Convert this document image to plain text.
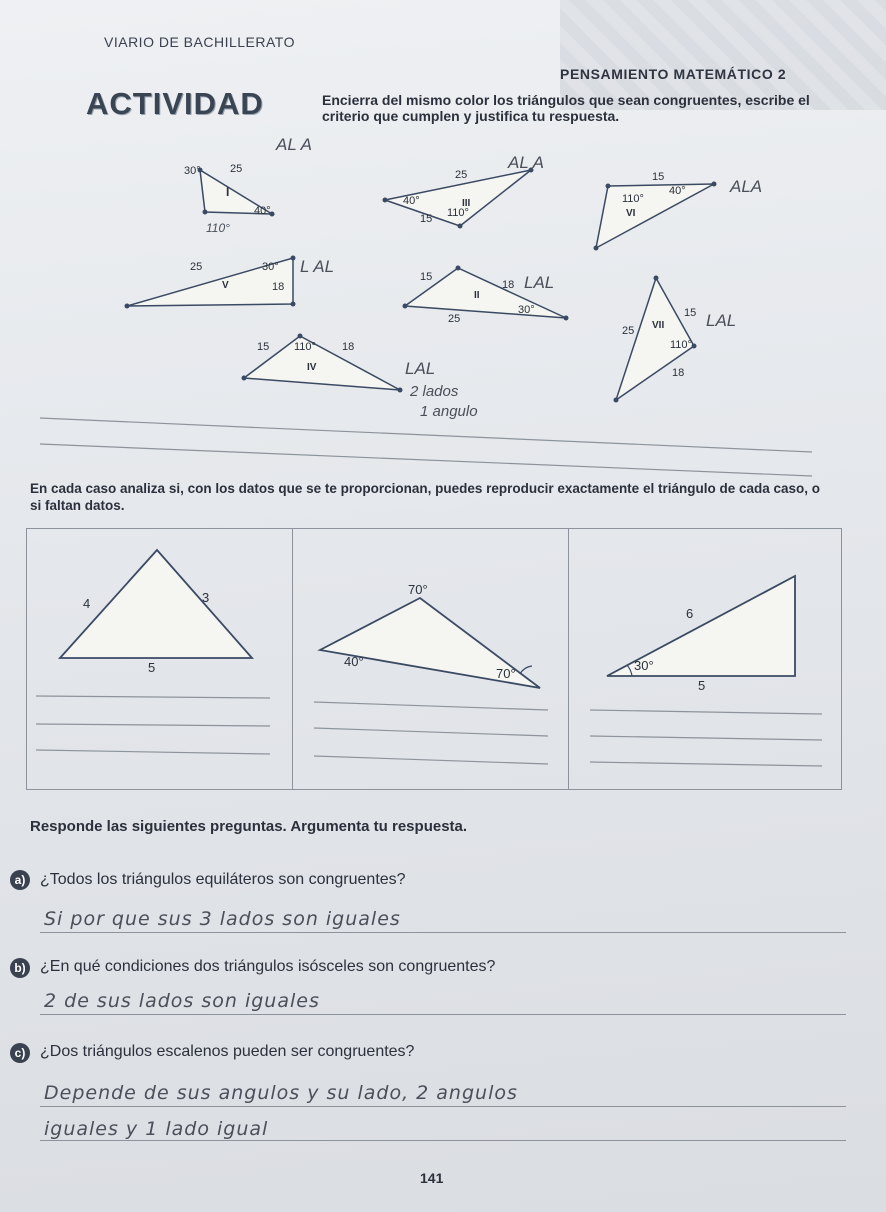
VIARIO DE BACHILLERATO
PENSAMIENTO MATEMÁTICO 2
ACTIVIDAD	Encierra del mismo color los triángulos que sean congruentes, escribe el criterio que cumplen y justifica tu respuesta.
30°	25
I
40°
25
40°	III
110°
15
15
110°
40°
VI
25	30°
V	18
15
18
II
30°
25	15
25 VII
110°
18
15 110° 18
IV
AL A
110°
AL A
ALA
L AL
LAL
LAL
LAL
2 lados
1 angulo
En cada caso analiza si, con los datos que se te proporcionan, puedes reproducir exactamente el triángulo de cada caso, o si faltan datos.
4	3
5
70°
40°
70°
6
30°
5
Responde las siguientes preguntas. Argumenta tu respuesta.
a) ¿Todos los triángulos equiláteros son congruentes?
Si por que sus 3 lados son iguales
b) ¿En qué condiciones dos triángulos isósceles son congruentes?
2 de sus lados son iguales
c) ¿Dos triángulos escalenos pueden ser congruentes?
Depende de sus angulos y su lado, 2 angulos
iguales y 1 lado igual
141
